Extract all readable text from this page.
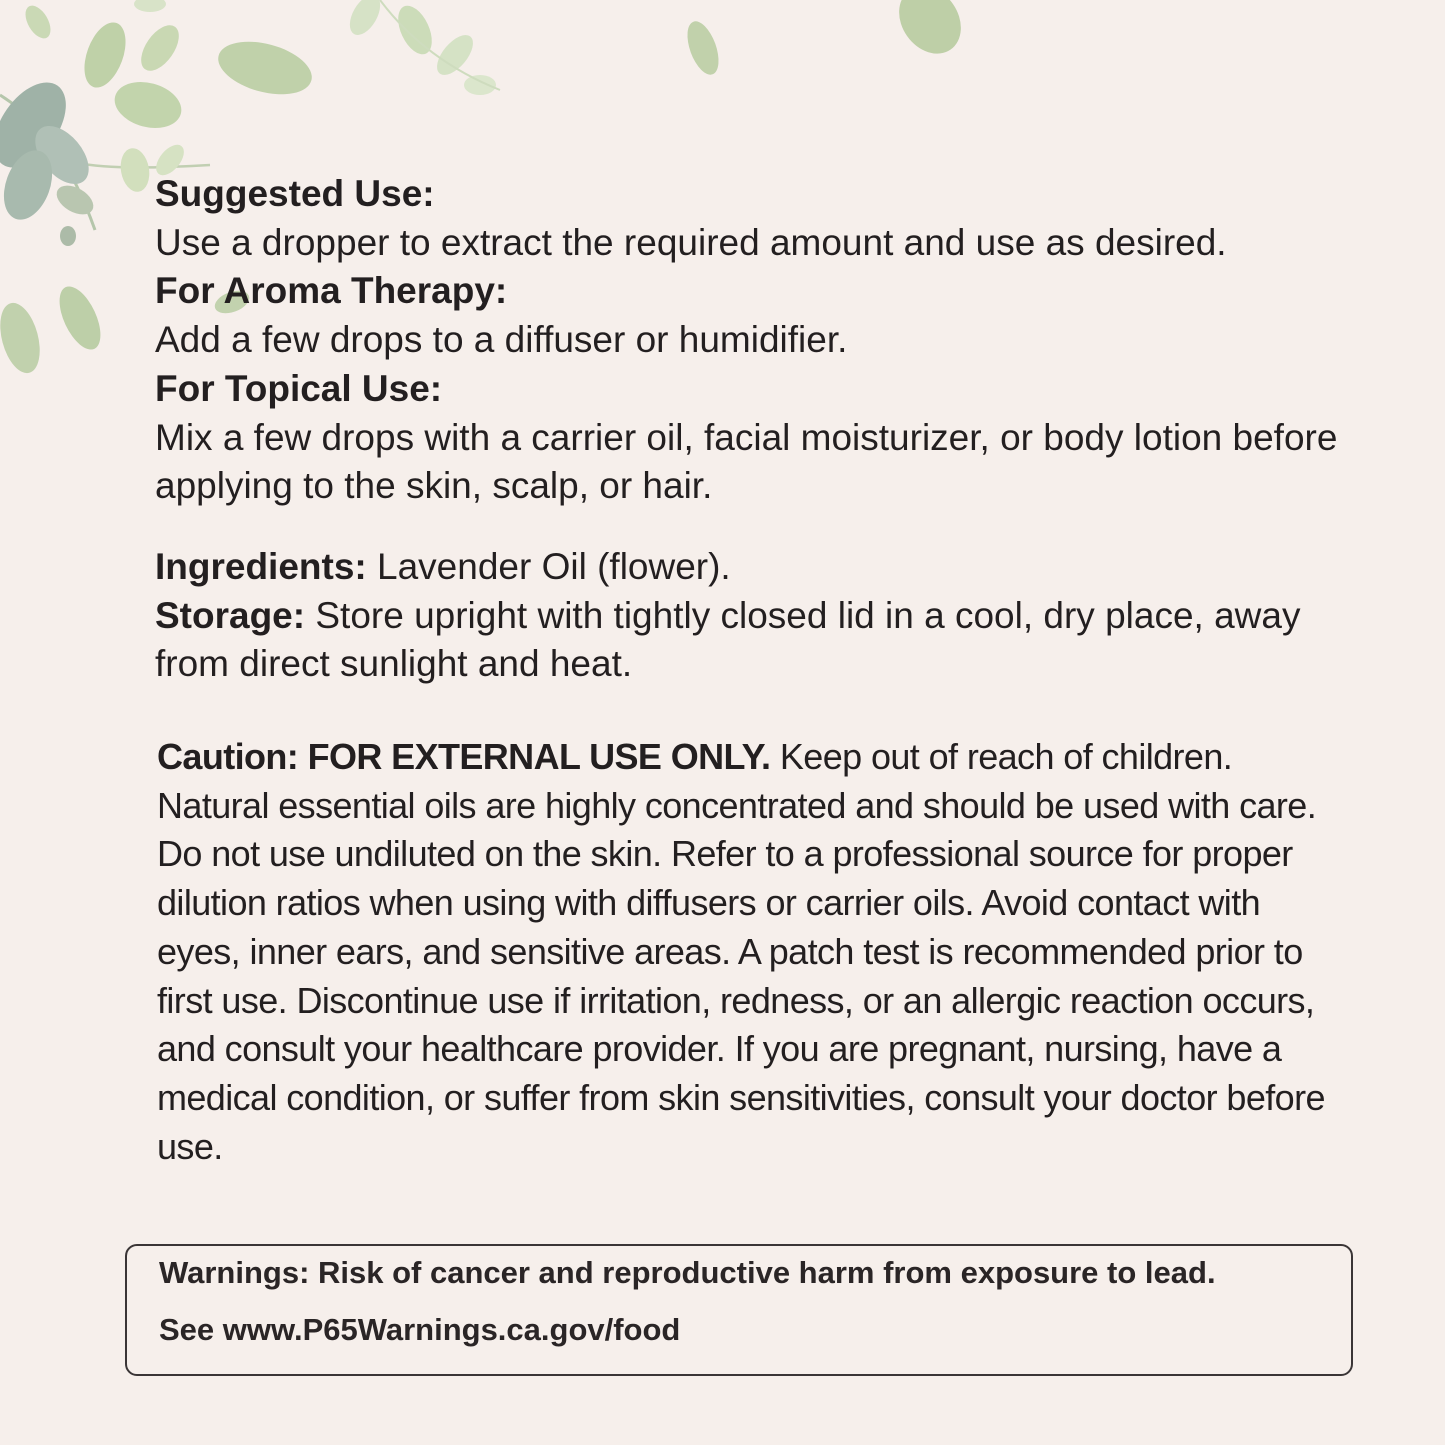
Suggested Use:
Use a dropper to extract the required amount and use as desired.
For Aroma Therapy:
Add a few drops to a diffuser or humidifier.
For Topical Use:
Mix a few drops with a carrier oil, facial moisturizer, or body lotion before applying to the skin, scalp, or hair.

Ingredients: Lavender Oil (flower).

Storage: Store upright with tightly closed lid in a cool, dry place, away from direct sunlight and heat.

Caution: FOR EXTERNAL USE ONLY. Keep out of reach of children. Natural essential oils are highly concentrated and should be used with care. Do not use undiluted on the skin. Refer to a professional source for proper dilution ratios when using with diffusers or carrier oils. Avoid contact with eyes, inner ears, and sensitive areas. A patch test is recommended prior to first use. Discontinue use if irritation, redness, or an allergic reaction occurs, and consult your healthcare provider. If you are pregnant, nursing, have a medical condition, or suffer from skin sensitivities, consult your doctor before use.

Warnings: Risk of cancer and reproductive harm from exposure to lead.
See www.P65Warnings.ca.gov/food
